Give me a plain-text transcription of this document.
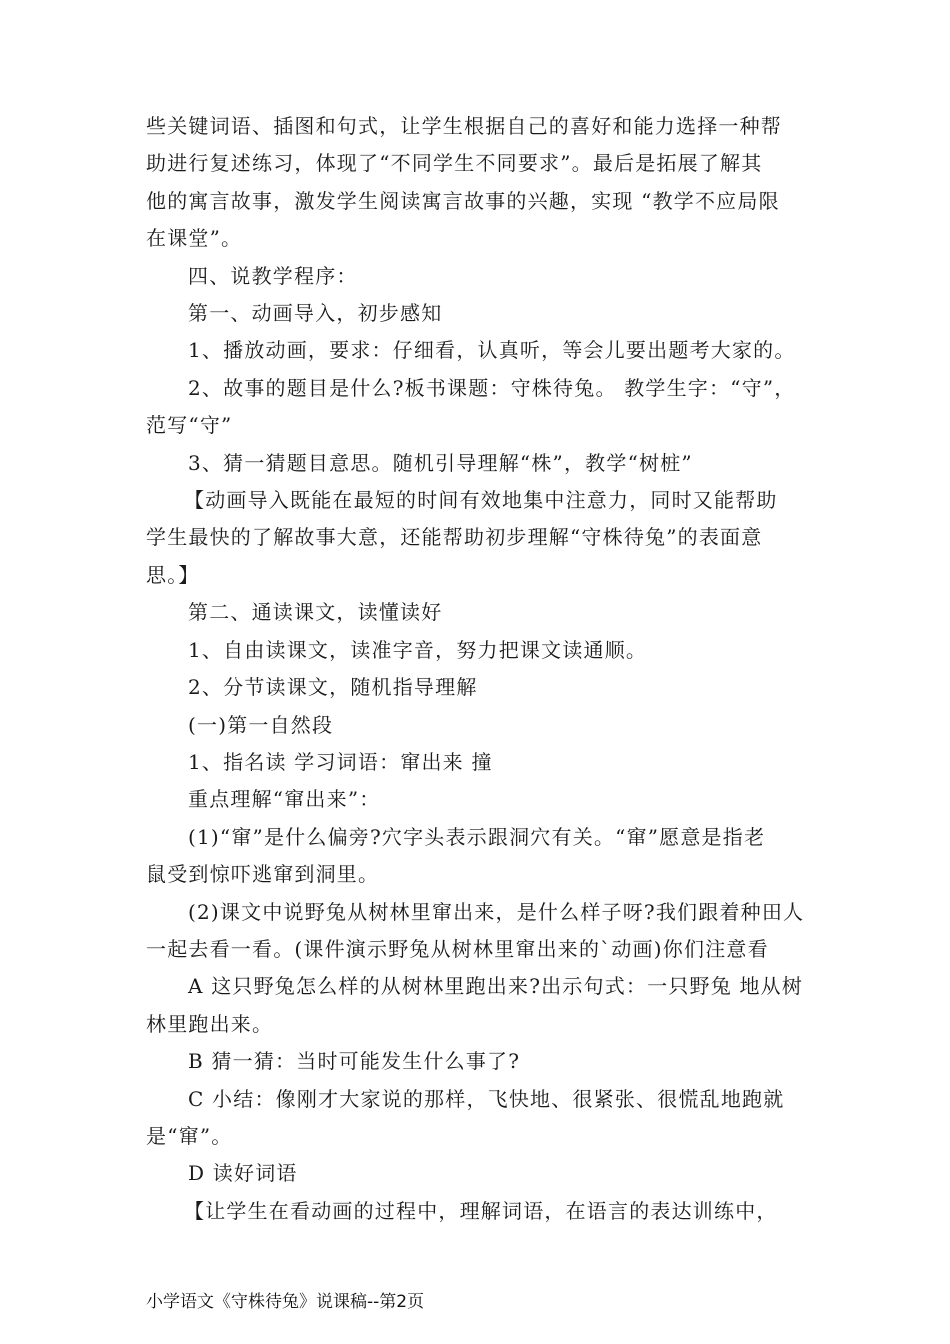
些关键词语、插图和句式，让学生根据自己的喜好和能力选择一种帮

助进行复述练习，体现了“不同学生不同要求”。最后是拓展了解其

他的寓言故事，激发学生阅读寓言故事的兴趣，实现 “教学不应局限

在课堂”。

四、说教学程序：

第一、动画导入，初步感知

1、播放动画，要求：仔细看，认真听，等会儿要出题考大家的。

2、故事的题目是什么?板书课题：守株待兔。 教学生字：“守”，

范写“守”

3、猜一猜题目意思。随机引导理解“株”，教学“树桩”

【动画导入既能在最短的时间有效地集中注意力，同时又能帮助

学生最快的了解故事大意，还能帮助初步理解“守株待兔”的表面意

思。】

第二、通读课文，读懂读好

1、自由读课文，读准字音，努力把课文读通顺。

2、分节读课文，随机指导理解

(一)第一自然段

1、指名读 学习词语：窜出来 撞

重点理解“窜出来”：

(1)“窜”是什么偏旁?穴字头表示跟洞穴有关。“窜”愿意是指老

鼠受到惊吓逃窜到洞里。

(2)课文中说野兔从树林里窜出来，是什么样子呀?我们跟着种田人

一起去看一看。(课件演示野兔从树林里窜出来的`动画)你们注意看

A 这只野兔怎么样的从树林里跑出来?出示句式：一只野兔 地从树

林里跑出来。

B 猜一猜：当时可能发生什么事了?

C 小结：像刚才大家说的那样，飞快地、很紧张、很慌乱地跑就

是“窜”。

D 读好词语

【让学生在看动画的过程中，理解词语，在语言的表达训练中，

小学语文《守株待兔》说课稿--第2页
